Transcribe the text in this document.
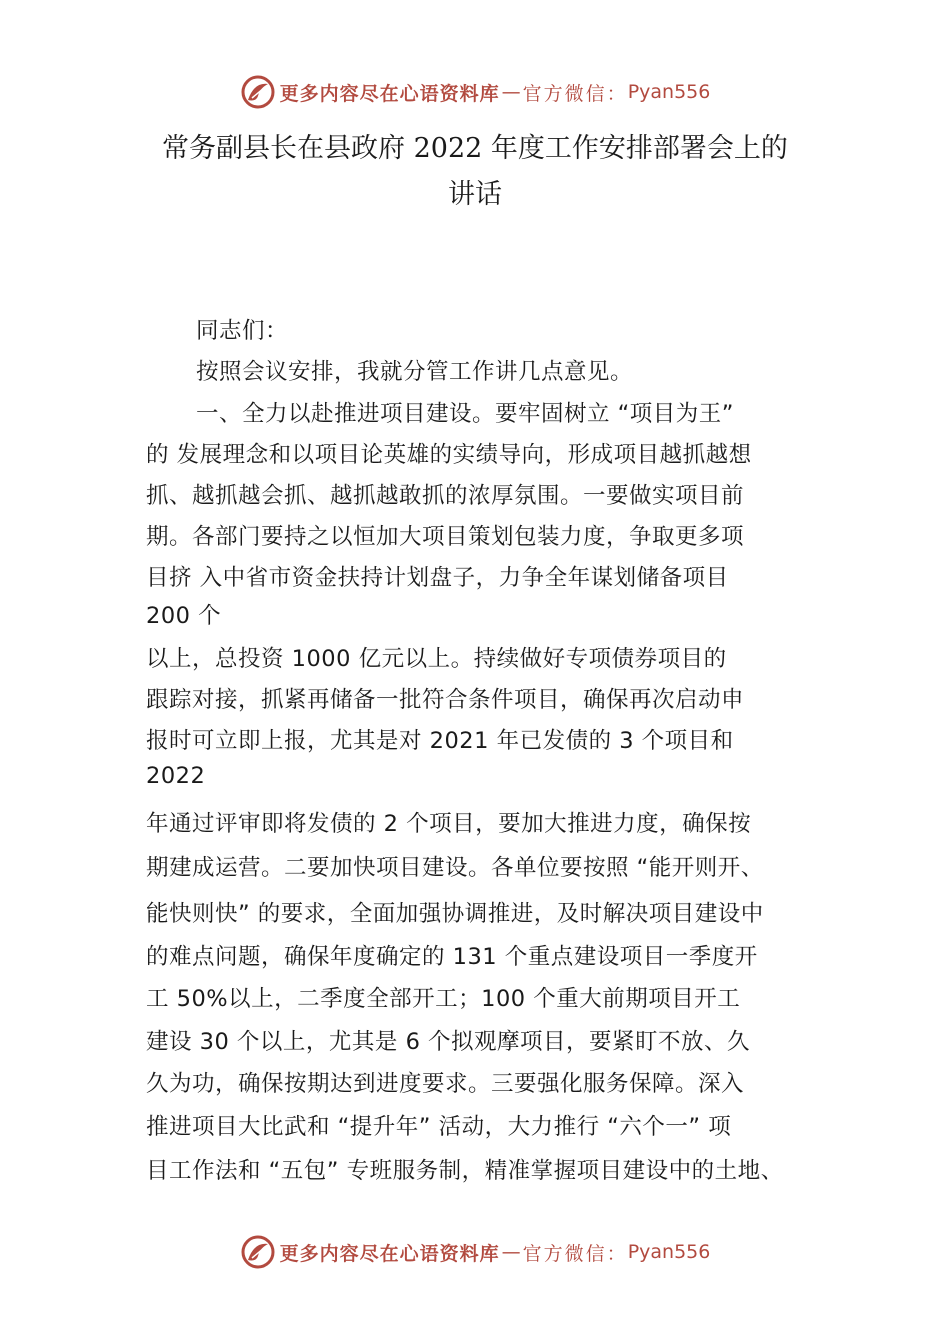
更多内容尽在心语资料库 — 官方微信： Pyan556
常务副县长在县政府 2022 年度工作安排部署会上的
讲话
同志们：
按照会议安排，我就分管工作讲几点意见。
一、全力以赴推进项目建设。要牢固树立 “项目为王”
的 发展理念和以项目论英雄的实绩导向，形成项目越抓越想
抓、越抓越会抓、越抓越敢抓的浓厚氛围。一要做实项目前
期。各部门要持之以恒加大项目策划包装力度，争取更多项
目挤 入中省市资金扶持计划盘子，力争全年谋划储备项目
200 个
以上，总投资 1000 亿元以上。持续做好专项债券项目的
跟踪对接，抓紧再储备一批符合条件项目，确保再次启动申
报时可立即上报，尤其是对 2021 年已发债的 3 个项目和
2022
年通过评审即将发债的 2 个项目，要加大推进力度，确保按
期建成运营。二要加快项目建设。各单位要按照 “能开则开、
能快则快” 的要求，全面加强协调推进，及时解决项目建设中
的难点问题，确保年度确定的 131 个重点建设项目一季度开
工 50%以上，二季度全部开工；100 个重大前期项目开工
建设 30 个以上，尤其是 6 个拟观摩项目，要紧盯不放、久
久为功，确保按期达到进度要求。三要强化服务保障。深入
推进项目大比武和 “提升年” 活动，大力推行 “六个一” 项
目工作法和 “五包” 专班服务制，精准掌握项目建设中的土地、
更多内容尽在心语资料库 — 官方微信： Pyan556
